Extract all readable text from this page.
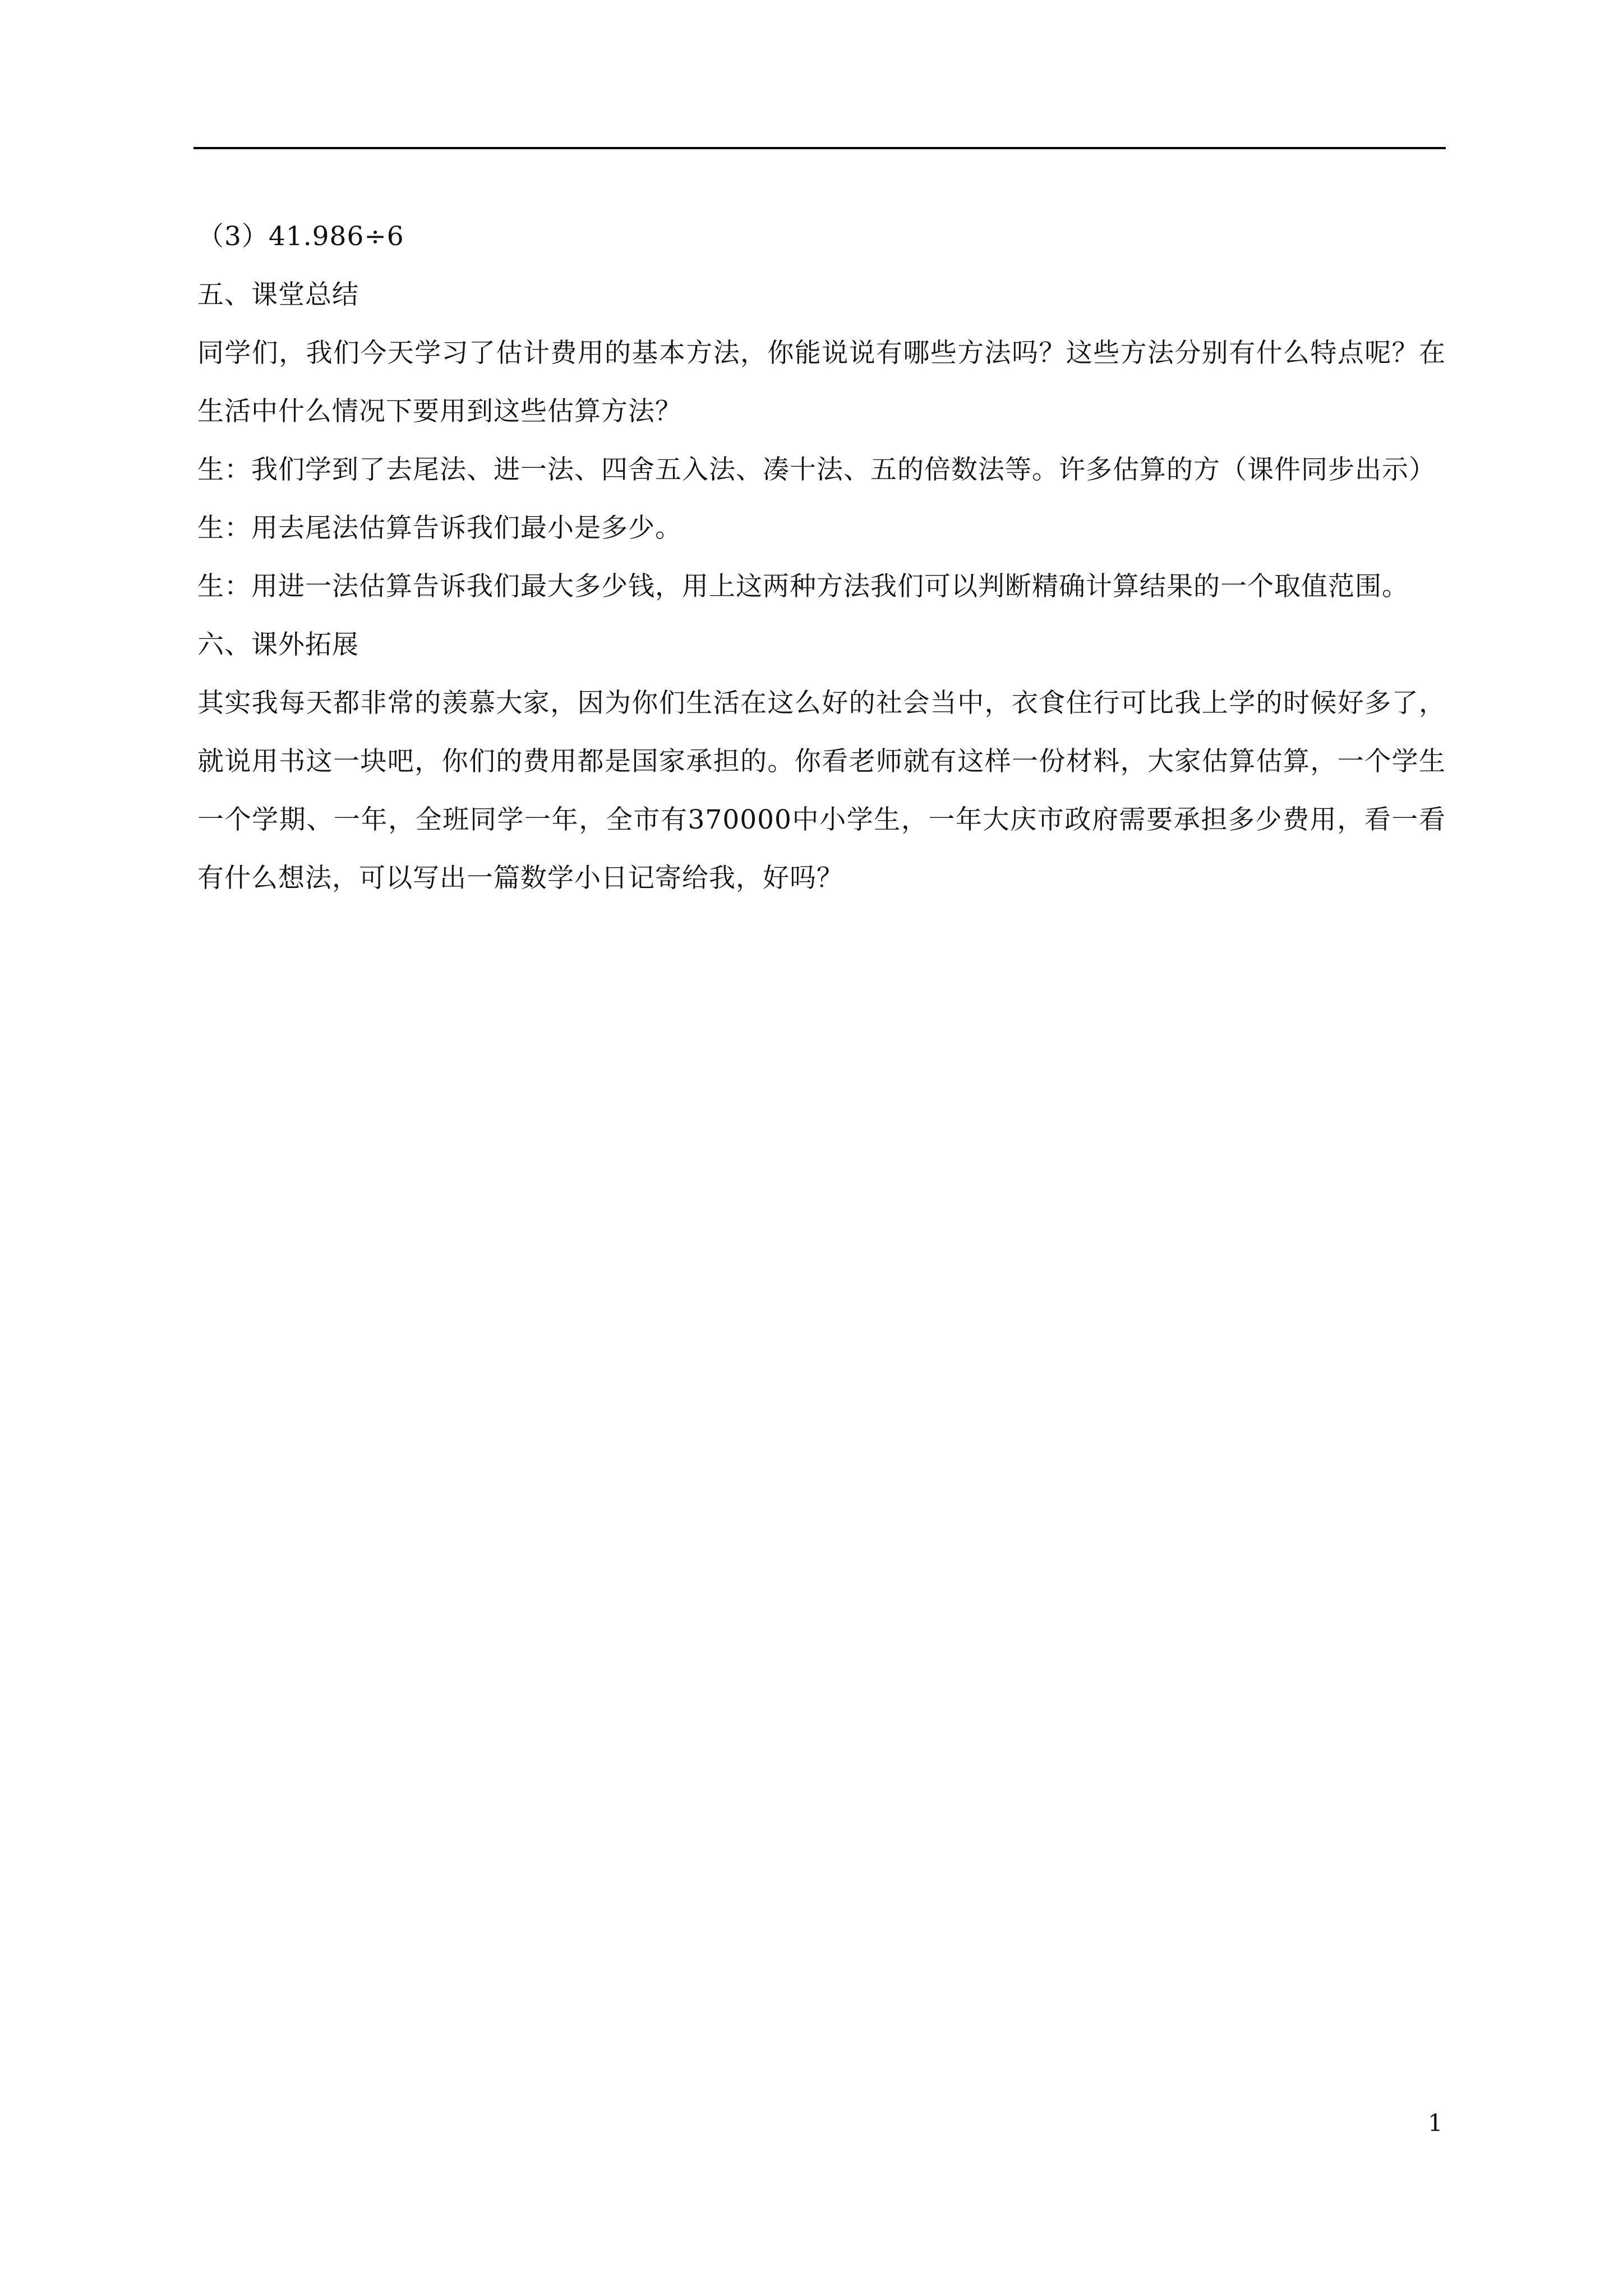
（3）41.986÷6

五、课堂总结

同学们，我们今天学习了估计费用的基本方法，你能说说有哪些方法吗？这些方法分别有什么特点呢？在生活中什么情况下要用到这些估算方法？

生：我们学到了去尾法、进一法、四舍五入法、凑十法、五的倍数法等。许多估算的方（课件同步出示）

生：用去尾法估算告诉我们最小是多少。

生：用进一法估算告诉我们最大多少钱，用上这两种方法我们可以判断精确计算结果的一个取值范围。

六、课外拓展

其实我每天都非常的羡慕大家，因为你们生活在这么好的社会当中，衣食住行可比我上学的时候好多了，就说用书这一块吧，你们的费用都是国家承担的。你看老师就有这样一份材料，大家估算估算，一个学生一个学期、一年，全班同学一年，全市有370000中小学生，一年大庆市政府需要承担多少费用，看一看有什么想法，可以写出一篇数学小日记寄给我，好吗？

1
